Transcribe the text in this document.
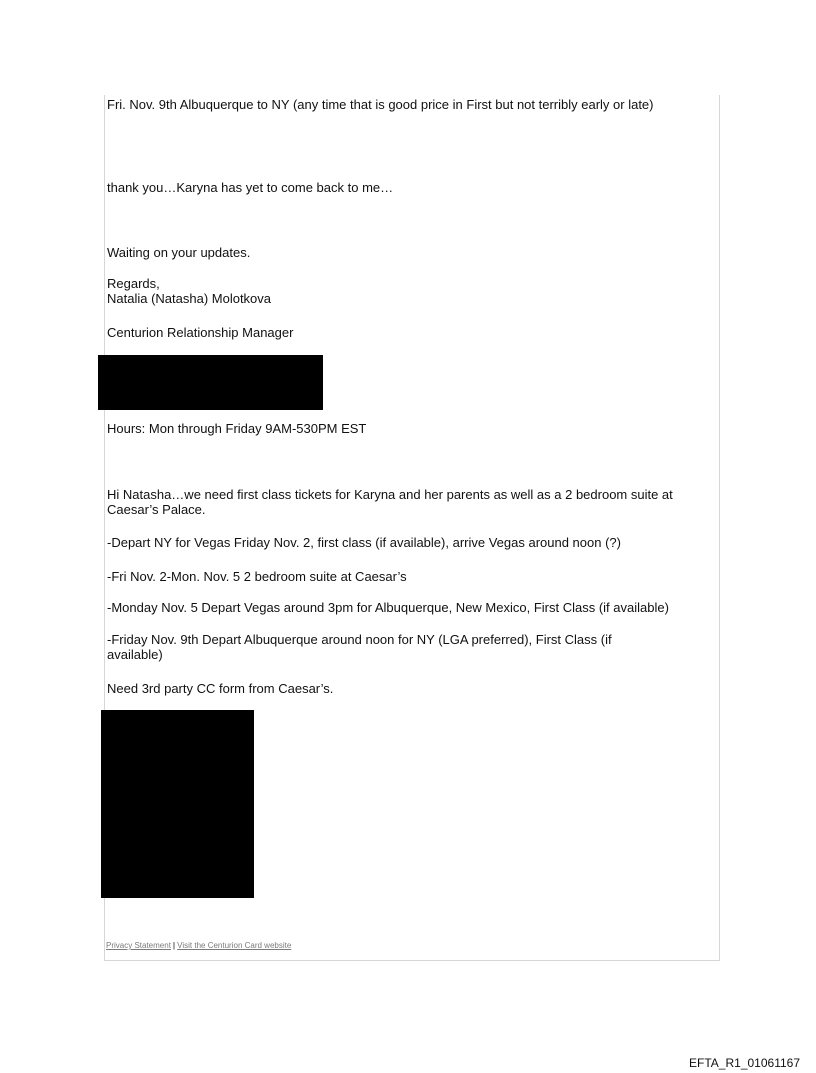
Fri. Nov. 9th Albuquerque to NY (any time that is good price in First but not terribly early or late)
thank you…Karyna has yet to come back to me…
Waiting on your updates.
Regards,
Natalia (Natasha) Molotkova
Centurion Relationship Manager
Hours: Mon through Friday 9AM-530PM EST
Hi Natasha…we need first class tickets for Karyna and her parents as well as a 2 bedroom suite at Caesar’s Palace.
-Depart NY for Vegas Friday Nov. 2, first class (if available), arrive Vegas around noon (?)
-Fri Nov. 2-Mon. Nov. 5 2 bedroom suite at Caesar’s
-Monday Nov. 5 Depart Vegas around 3pm for Albuquerque, New Mexico, First Class (if available)
-Friday Nov. 9th Depart Albuquerque around noon for NY (LGA preferred), First Class (if available)
Need 3rd party CC form from Caesar’s.
Privacy Statement | Visit the Centurion Card website
EFTA_R1_01061167
